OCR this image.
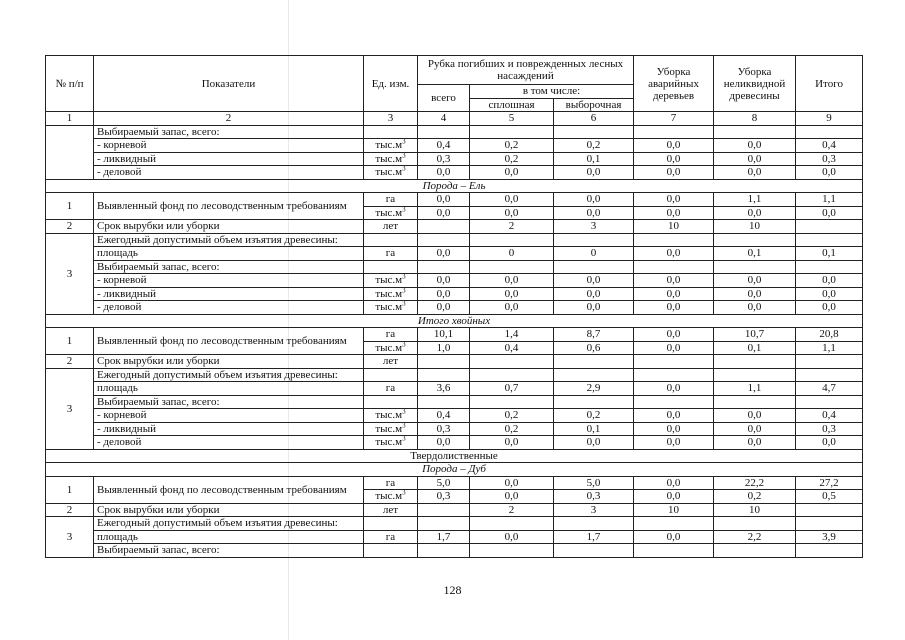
№ п/п	Показатели	Ед. изм.	Рубка погибших и поврежденных лесных насаждений			Уборка аварийных деревьев	Уборка неликвидной древесины	Итого
			всего	в том числе:				
				сплошная	выборочная			
1	2	3	4	5	6	7	8	9
	Выбираемый запас, всего:							
	- корневой	$тыс.м^3$	0,4	0,2	0,2	0,0	0,0	0,4
	- ликвидный	$тыс.м^3$	0,3	0,2	0,1	0,0	0,0	0,3
	- деловой	$тыс.м^3$	0,0	0,0	0,0	0,0	0,0	0,0
Порода – Ель								
1	Выявленный фонд по лесоводственным требованиям	га	0,0	0,0	0,0	0,0	1,1	1,1
		$тыс.м^3$	0,0	0,0	0,0	0,0	0,0	0,0
2	Срок вырубки или уборки	лет		2	3	10	10	
3	Ежегодный допустимый объем изъятия древесины:							
	площадь	га	0,0	0	0	0,0	0,1	0,1
	Выбираемый запас, всего:							
	- корневой	$тыс.м^3$	0,0	0,0	0,0	0,0	0,0	0,0
	- ликвидный	$тыс.м^3$	0,0	0,0	0,0	0,0	0,0	0,0
	- деловой	$тыс.м^3$	0,0	0,0	0,0	0,0	0,0	0,0
Итого хвойных								
1	Выявленный фонд по лесоводственным требованиям	га	10,1	1,4	8,7	0,0	10,7	20,8
		$тыс.м^3$	1,0	0,4	0,6	0,0	0,1	1,1
2	Срок вырубки или уборки	лет						
3	Ежегодный допустимый объем изъятия древесины:							
	площадь	га	3,6	0,7	2,9	0,0	1,1	4,7
	Выбираемый запас, всего:							
	- корневой	$тыс.м^3$	0,4	0,2	0,2	0,0	0,0	0,4
	- ликвидный	$тыс.м^3$	0,3	0,2	0,1	0,0	0,0	0,3
	- деловой	$тыс.м^3$	0,0	0,0	0,0	0,0	0,0	0,0
Твердолиственные								
Порода – Дуб								
1	Выявленный фонд по лесоводственным требованиям	га	5,0	0,0	5,0	0,0	22,2	27,2
		$тыс.м^3$	0,3	0,0	0,3	0,0	0,2	0,5
2	Срок вырубки или уборки	лет		2	3	10	10	
3	Ежегодный допустимый объем изъятия древесины:							
	площадь	га	1,7	0,0	1,7	0,0	2,2	3,9
	Выбираемый запас, всего:							
128
